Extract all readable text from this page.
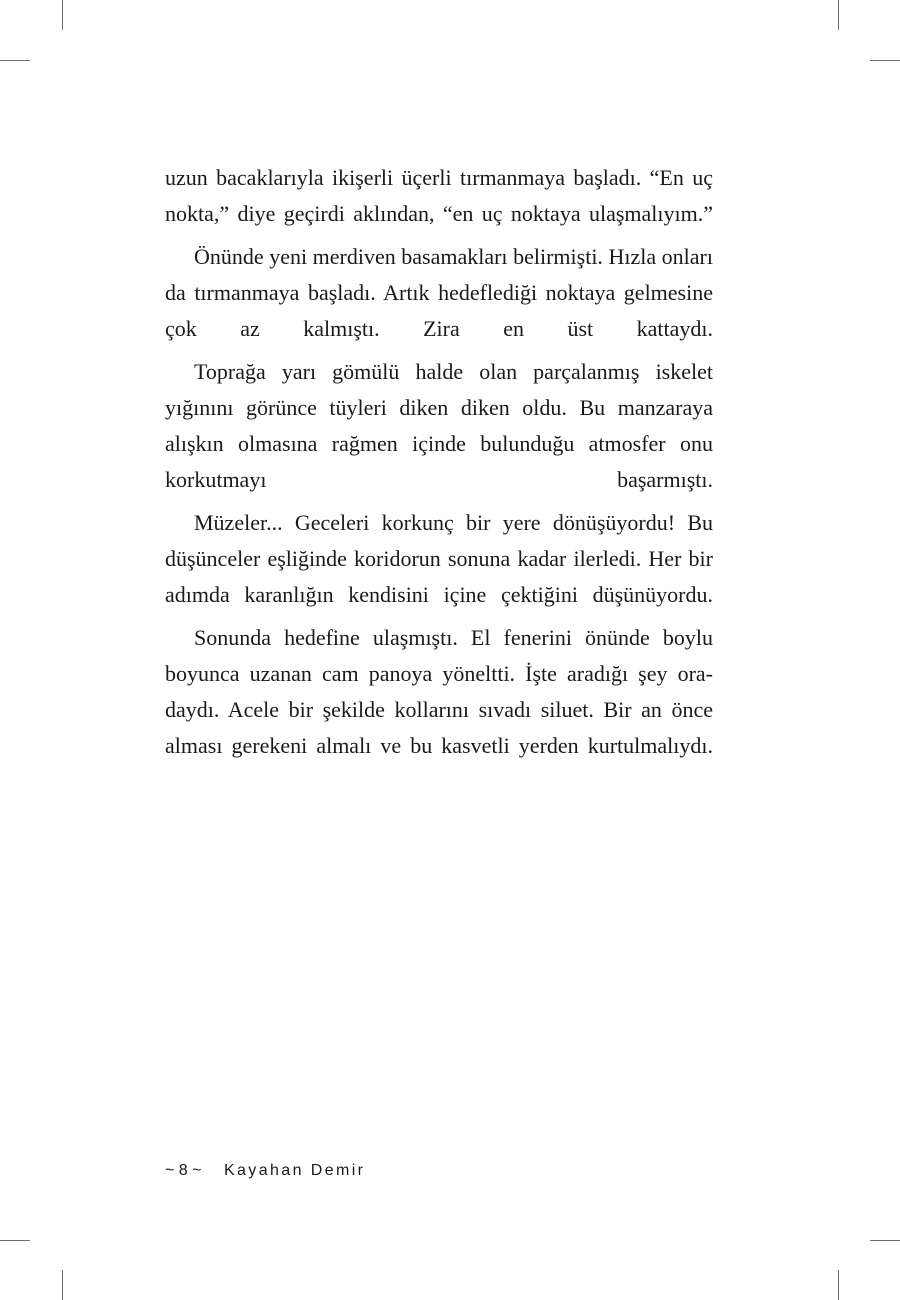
uzun bacaklarıyla ikişerli üçerli tırmanmaya başladı. “En uç nokta,” diye geçirdi aklından, “en uç noktaya ulaşmalıyım.”

Önünde yeni merdiven basamakları belirmişti. Hızla onları da tırmanmaya başladı. Artık hedeflediği noktaya gelmesine çok az kalmıştı. Zira en üst kattaydı.

Toprağa yarı gömülü halde olan parçalanmış iskelet yığınını görünce tüyleri diken diken oldu. Bu manzaraya alışkın olmasına rağmen içinde bulunduğu atmosfer onu korkutmayı başarmıştı.

Müzeler... Geceleri korkunç bir yere dönüşüyordu! Bu düşünceler eşliğinde koridorun sonuna kadar ilerledi. Her bir adımda karanlığın kendisini içine çektiğini düşünüyordu.

Sonunda hedefine ulaşmıştı. El fenerini önünde boylu boyunca uzanan cam panoya yöneltti. İşte aradığı şey ora-daydı. Acele bir şekilde kollarını sıvadı siluet. Bir an önce alması gerekeni almalı ve bu kasvetli yerden kurtulmalıydı.

~ 8 ~ Kayahan Demir
